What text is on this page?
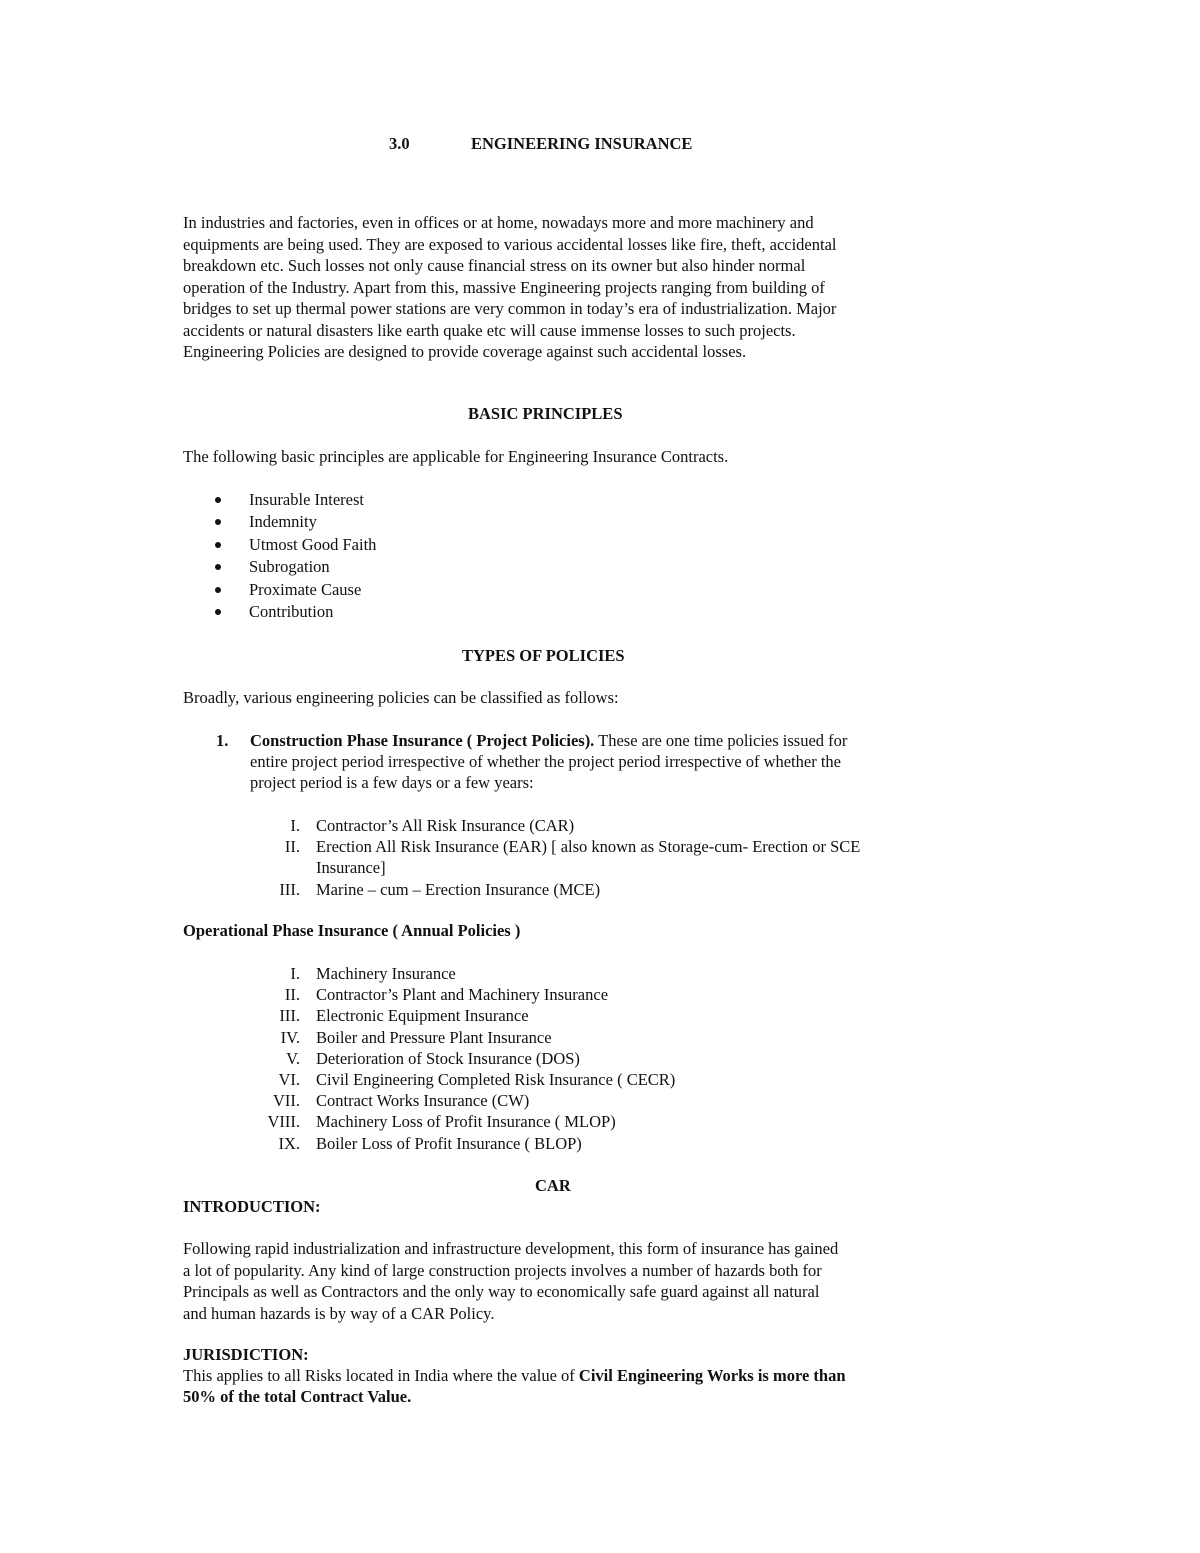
3.0	ENGINEERING INSURANCE

In industries and factories, even in offices or at home, nowadays more and more machinery and

equipments are being used. They are exposed to various accidental losses like fire, theft, accidental

breakdown etc. Such losses not only cause financial stress on its owner but also hinder normal

operation of the Industry. Apart from this, massive Engineering projects ranging from building of

bridges to set up thermal power stations are very common in today’s era of industrialization. Major

accidents or natural disasters like earth quake etc will cause immense losses to such projects.

Engineering Policies are designed to provide coverage against such accidental losses.

BASIC PRINCIPLES
The following basic principles are applicable for Engineering Insurance Contracts.
Insurable Interest
Indemnity
Utmost Good Faith
Subrogation
Proximate Cause
Contribution
TYPES OF POLICIES
Broadly, various engineering policies can be classified as follows:
1. Construction Phase Insurance ( Project Policies). These are one time policies issued for
entire project period irrespective of whether the project period irrespective of whether the
project period is a few days or a few years:
I. Contractor’s All Risk Insurance (CAR)
II. Erection All Risk Insurance (EAR) [ also known as Storage-cum- Erection or SCE
Insurance]
III. Marine – cum – Erection Insurance (MCE)
Operational Phase Insurance ( Annual Policies )
I. Machinery Insurance
II. Contractor’s Plant and Machinery Insurance
III. Electronic Equipment Insurance
IV. Boiler and Pressure Plant Insurance
V. Deterioration of Stock Insurance (DOS)
VI. Civil Engineering Completed Risk Insurance ( CECR)
VII. Contract Works Insurance (CW)
VIII. Machinery Loss of Profit Insurance ( MLOP)
IX. Boiler Loss of Profit Insurance ( BLOP)
CAR
INTRODUCTION:

Following rapid industrialization and infrastructure development, this form of insurance has gained

a lot of popularity. Any kind of large construction projects involves a number of hazards both for

Principals as well as Contractors and the only way to economically safe guard against all natural

and human hazards is by way of a CAR Policy.

JURISDICTION:
This applies to all Risks located in India where the value of Civil Engineering Works is more than
50% of the total Contract Value.
